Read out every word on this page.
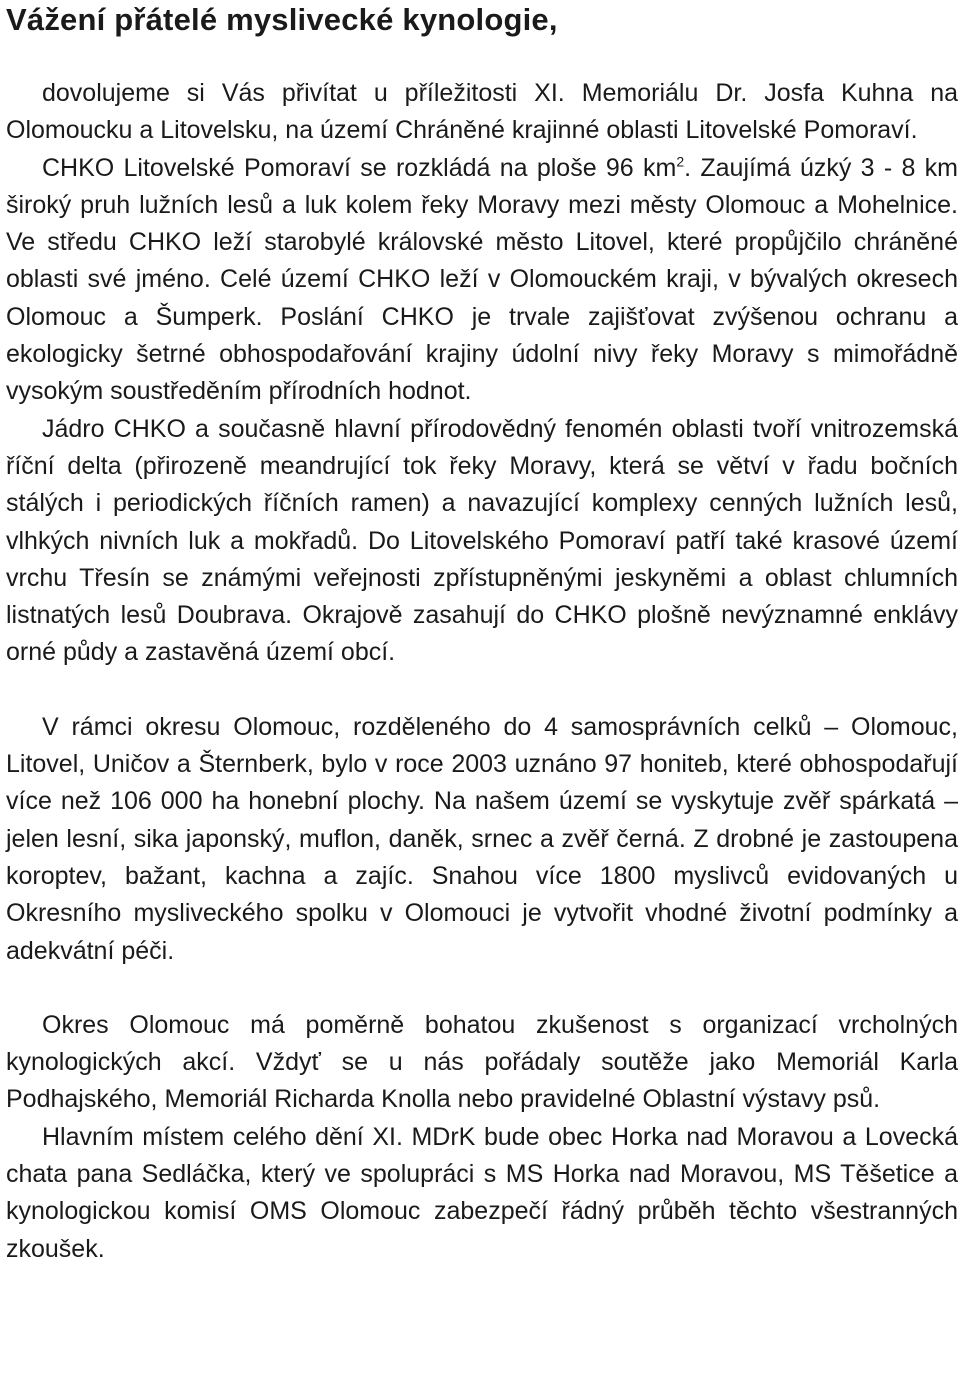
Vážení přátelé myslivecké kynologie,

dovolujeme si Vás přivítat u příležitosti XI. Memoriálu Dr. Josfa Kuhna na Olomoucku a Litovelsku, na území Chráněné krajinné oblasti Litovelské Pomoraví.

CHKO Litovelské Pomoraví se rozkládá na ploše 96 $km^2$. Zaujímá úzký 3 - 8 km široký pruh lužních lesů a luk kolem řeky Moravy mezi městy Olomouc a Mohelnice. Ve středu CHKO leží starobylé královské město Litovel, které propůjčilo chráněné oblasti své jméno. Celé území CHKO leží v Olomouckém kraji, v bývalých okresech Olomouc a Šumperk. Poslání CHKO je trvale zajišťovat zvýšenou ochranu a ekologicky šetrné obhospodařování krajiny údolní nivy řeky Moravy s mimořádně vysokým soustředěním přírodních hodnot.

Jádro CHKO a současně hlavní přírodovědný fenomén oblasti tvoří vnitrozemská říční delta (přirozeně meandrující tok řeky Moravy, která se větví v řadu bočních stálých i periodických říčních ramen) a navazující komplexy cenných lužních lesů, vlhkých nivních luk a mokřadů. Do Litovelského Pomoraví patří také krasové území vrchu Třesín se známými veřejnosti zpřístupněnými jeskyněmi a oblast chlumních listnatých lesů Doubrava. Okrajově zasahují do CHKO plošně nevýznamné enklávy orné půdy a zastavěná území obcí.

V rámci okresu Olomouc, rozděleného do 4 samosprávních celků – Olomouc, Litovel, Uničov a Šternberk, bylo v roce 2003 uznáno 97 honiteb, které obhospodařují více než 106 000 ha honební plochy. Na našem území se vyskytuje zvěř spárkatá – jelen lesní, sika japonský, muflon, daněk, srnec a zvěř černá. Z drobné je zastoupena koroptev, bažant, kachna a zajíc. Snahou více 1800 myslivců evidovaných u Okresního mysliveckého spolku v Olomouci je vytvořit vhodné životní podmínky a adekvátní péči.

Okres Olomouc má poměrně bohatou zkušenost s organizací vrcholných kynologických akcí. Vždyť se u nás pořádaly soutěže jako Memoriál Karla Podhajského, Memoriál Richarda Knolla nebo pravidelné Oblastní výstavy psů.

Hlavním místem celého dění XI. MDrK bude obec Horka nad Moravou a Lovecká chata pana Sedláčka, který ve spolupráci s MS Horka nad Moravou, MS Těšetice a kynologickou komisí OMS Olomouc zabezpečí řádný průběh těchto všestranných zkoušek.
